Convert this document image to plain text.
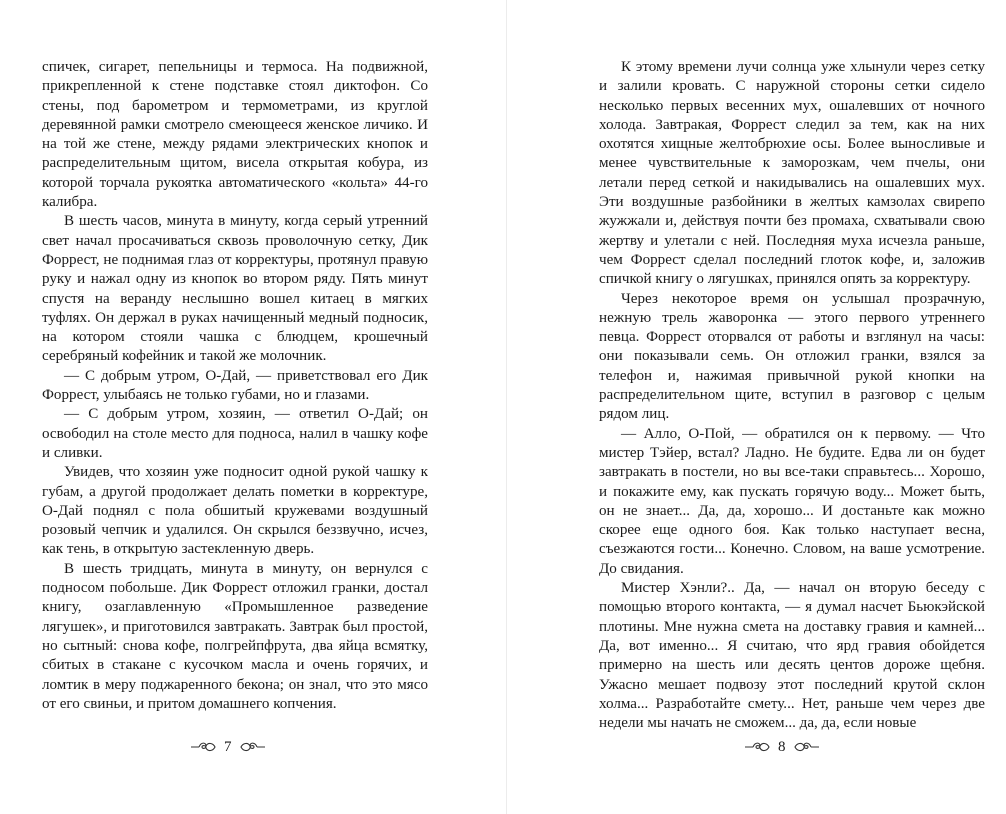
спичек, сигарет, пепельницы и термоса. На подвижной, прикрепленной к стене подставке стоял диктофон. Со стены, под барометром и термометрами, из круглой деревянной рамки смотрело смеющееся женское личико. И на той же стене, между рядами электрических кнопок и распределительным щитом, висела открытая кобура, из которой торчала рукоятка автоматического «кольта» 44-го калибра.

В шесть часов, минута в минуту, когда серый утренний свет начал просачиваться сквозь проволочную сетку, Дик Форрест, не поднимая глаз от корректуры, протянул правую руку и нажал одну из кнопок во втором ряду. Пять минут спустя на веранду неслышно вошел китаец в мягких туфлях. Он держал в руках начищенный медный подносик, на котором стояли чашка с блюдцем, крошечный серебряный кофейник и такой же молочник.

— С добрым утром, О-Дай, — приветствовал его Дик Форрест, улыбаясь не только губами, но и глазами.

— С добрым утром, хозяин, — ответил О-Дай; он освободил на столе место для подноса, налил в чашку кофе и сливки.

Увидев, что хозяин уже подносит одной рукой чашку к губам, а другой продолжает делать пометки в корректуре, О-Дай поднял с пола обшитый кружевами воздушный розовый чепчик и удалился. Он скрылся беззвучно, исчез, как тень, в открытую застекленную дверь.

В шесть тридцать, минута в минуту, он вернулся с подносом побольше. Дик Форрест отложил гранки, достал книгу, озаглавленную «Промышленное разведение лягушек», и приготовился завтракать. Завтрак был простой, но сытный: снова кофе, полгрейпфрута, два яйца всмятку, сбитых в стакане с кусочком масла и очень горячих, и ломтик в меру поджаренного бекона; он знал, что это мясо от его свиньи, и притом домашнего копчения.

7

К этому времени лучи солнца уже хлынули через сетку и залили кровать. С наружной стороны сетки сидело несколько первых весенних мух, ошалевших от ночного холода. Завтракая, Форрест следил за тем, как на них охотятся хищные желтобрюхие осы. Более выносливые и менее чувствительные к заморозкам, чем пчелы, они летали перед сеткой и накидывались на ошалевших мух. Эти воздушные разбойники в желтых камзолах свирепо жужжали и, действуя почти без промаха, схватывали свою жертву и улетали с ней. Последняя муха исчезла раньше, чем Форрест сделал последний глоток кофе, и, заложив спичкой книгу о лягушках, принялся опять за корректуру.

Через некоторое время он услышал прозрачную, нежную трель жаворонка — этого первого утреннего певца. Форрест оторвался от работы и взглянул на часы: они показывали семь. Он отложил гранки, взялся за телефон и, нажимая привычной рукой кнопки на распределительном щите, вступил в разговор с целым рядом лиц.

— Алло, О-Пой, — обратился он к первому. — Что мистер Тэйер, встал? Ладно. Не будите. Едва ли он будет завтракать в постели, но вы все-таки справьтесь... Хорошо, и покажите ему, как пускать горячую воду... Может быть, он не знает... Да, да, хорошо... И достаньте как можно скорее еще одного боя. Как только наступает весна, съезжаются гости... Конечно. Словом, на ваше усмотрение. До свидания.

Мистер Хэнли?.. Да, — начал он вторую беседу с помощью второго контакта, — я думал насчет Бьюкэйской плотины. Мне нужна смета на доставку гравия и камней... Да, вот именно... Я считаю, что ярд гравия обойдется примерно на шесть или десять центов дороже щебня. Ужасно мешает подвозу этот последний крутой склон холма... Разработайте смету... Нет, раньше чем через две недели мы начать не сможем... да, да, если новые

8
